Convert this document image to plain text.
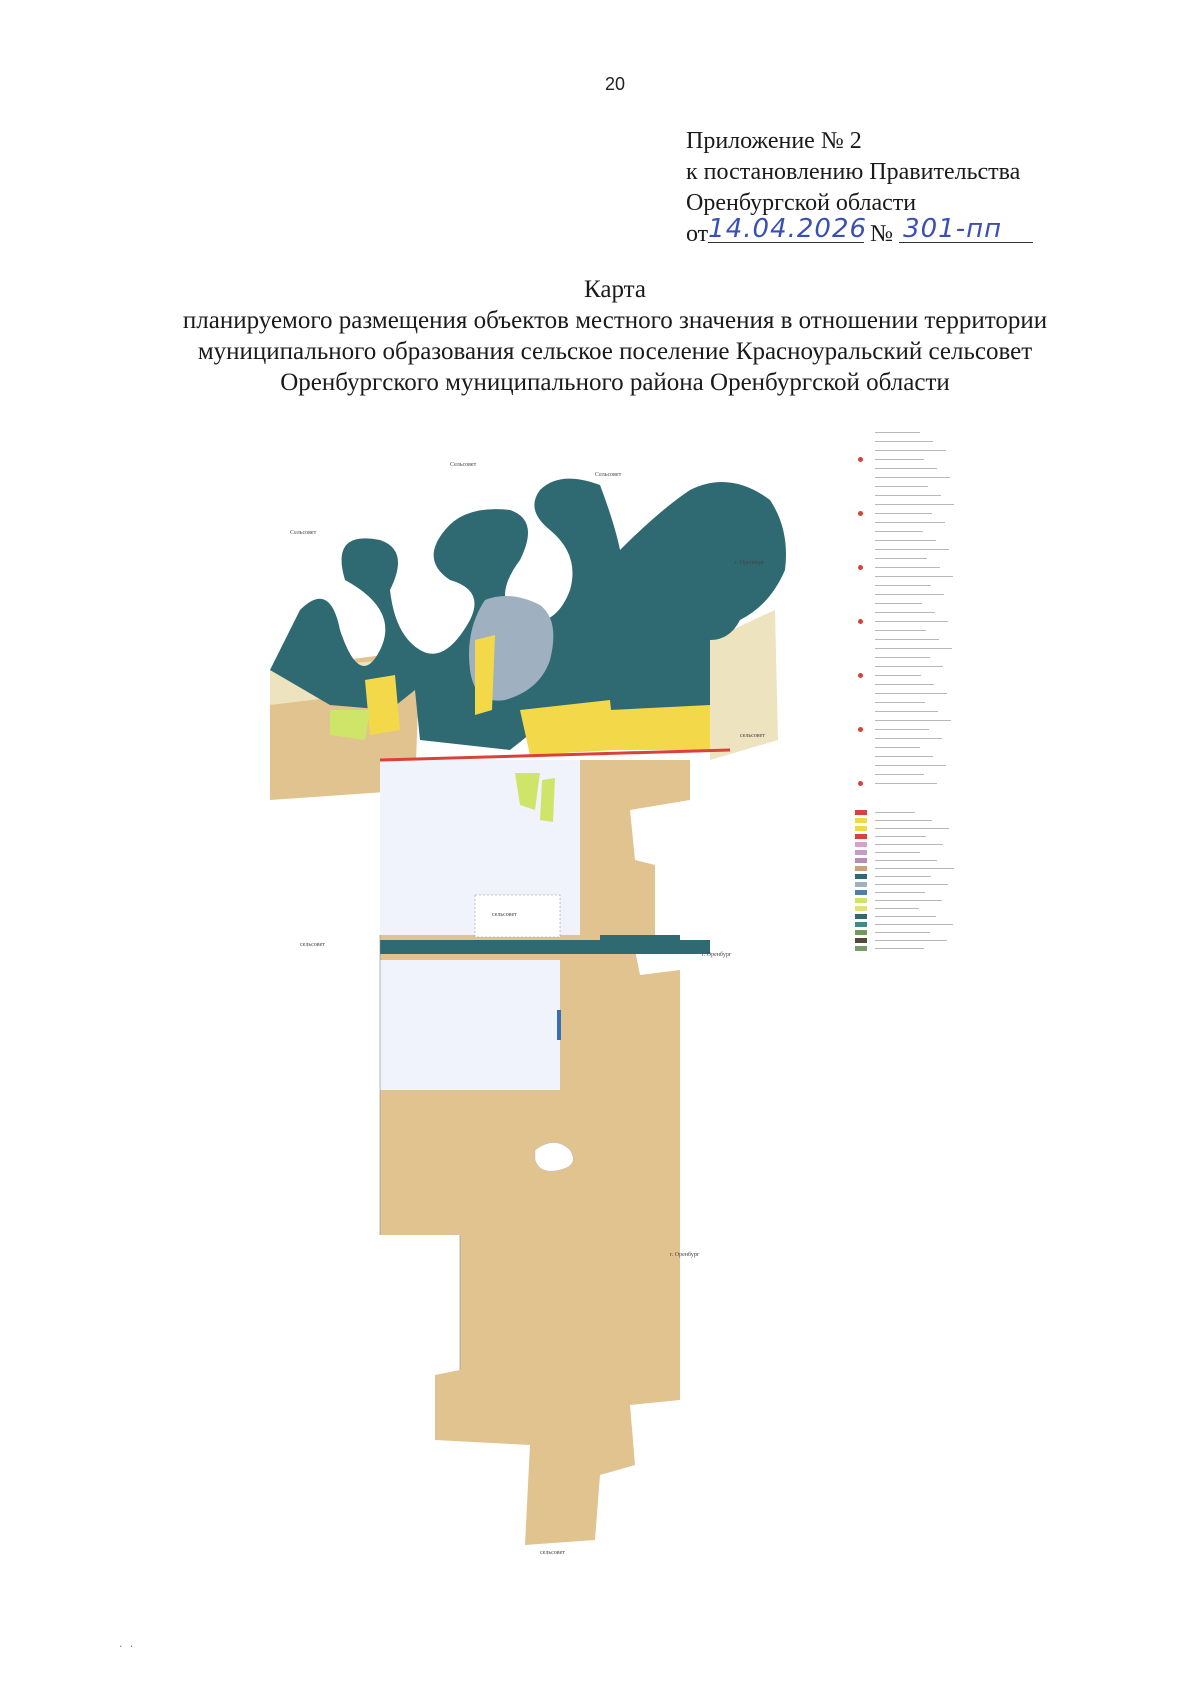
20
Приложение № 2
к постановлению Правительства
Оренбургской области
от14.04.2026 № 301-пп
Карта
планируемого размещения объектов местного значения в отношении территории
муниципального образования сельское поселение Красноуральский сельсовет
Оренбургского муниципального района Оренбургской области
Сельсовет
Сельсовет
Сельсовет
г. Оренбург
сельсовет
г. Оренбург
сельсовет
сельсовет
г. Оренбург
сельсовет
. .
